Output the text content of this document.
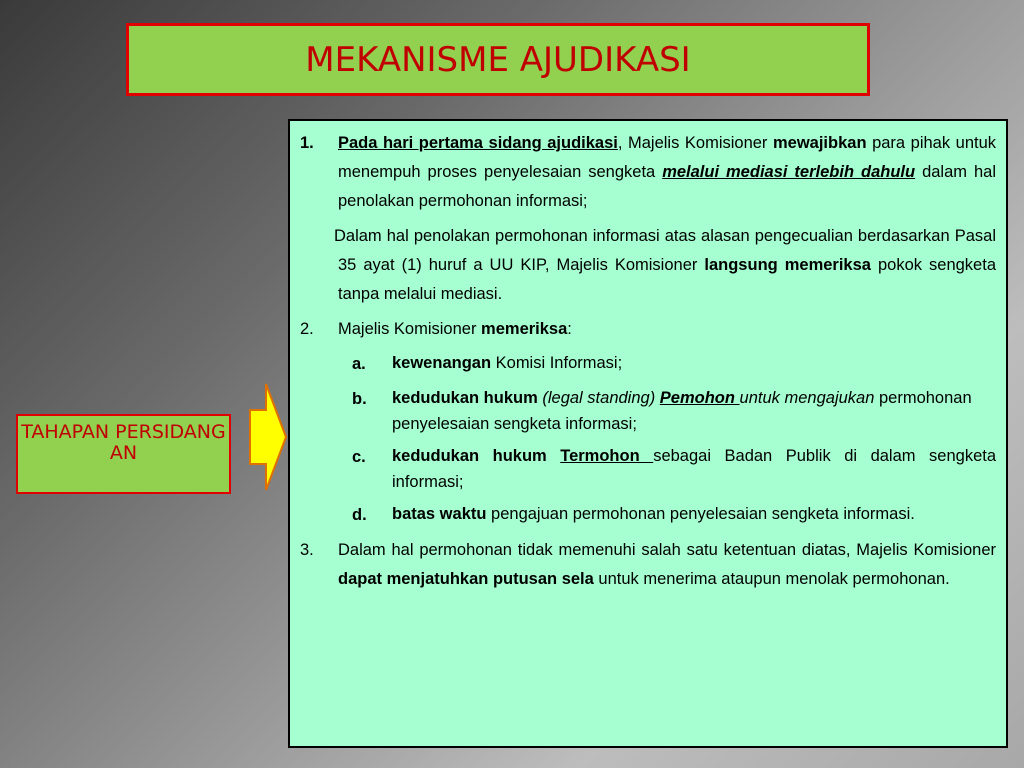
MEKANISME AJUDIKASI
TAHAPAN PERSIDANGAN
1.	Pada hari pertama sidang ajudikasi, Majelis Komisioner mewajibkan para pihak untuk menempuh proses penyelesaian sengketa melalui mediasi terlebih dahulu dalam hal penolakan permohonan informasi;
Dalam hal penolakan permohonan informasi atas alasan pengecualian berdasarkan Pasal 35 ayat (1) huruf a UU KIP, Majelis Komisioner langsung memeriksa pokok sengketa tanpa melalui mediasi.
2.	Majelis Komisioner memeriksa:
a.	kewenangan Komisi Informasi;
b.	kedudukan hukum (legal standing) Pemohon untuk mengajukan permohonan penyelesaian sengketa informasi;
c.	kedudukan hukum Termohon sebagai Badan Publik di dalam sengketa informasi;
d.	batas waktu pengajuan permohonan penyelesaian sengketa informasi.
3.	Dalam hal permohonan tidak memenuhi salah satu ketentuan diatas, Majelis Komisioner dapat menjatuhkan putusan sela untuk menerima ataupun menolak permohonan.
